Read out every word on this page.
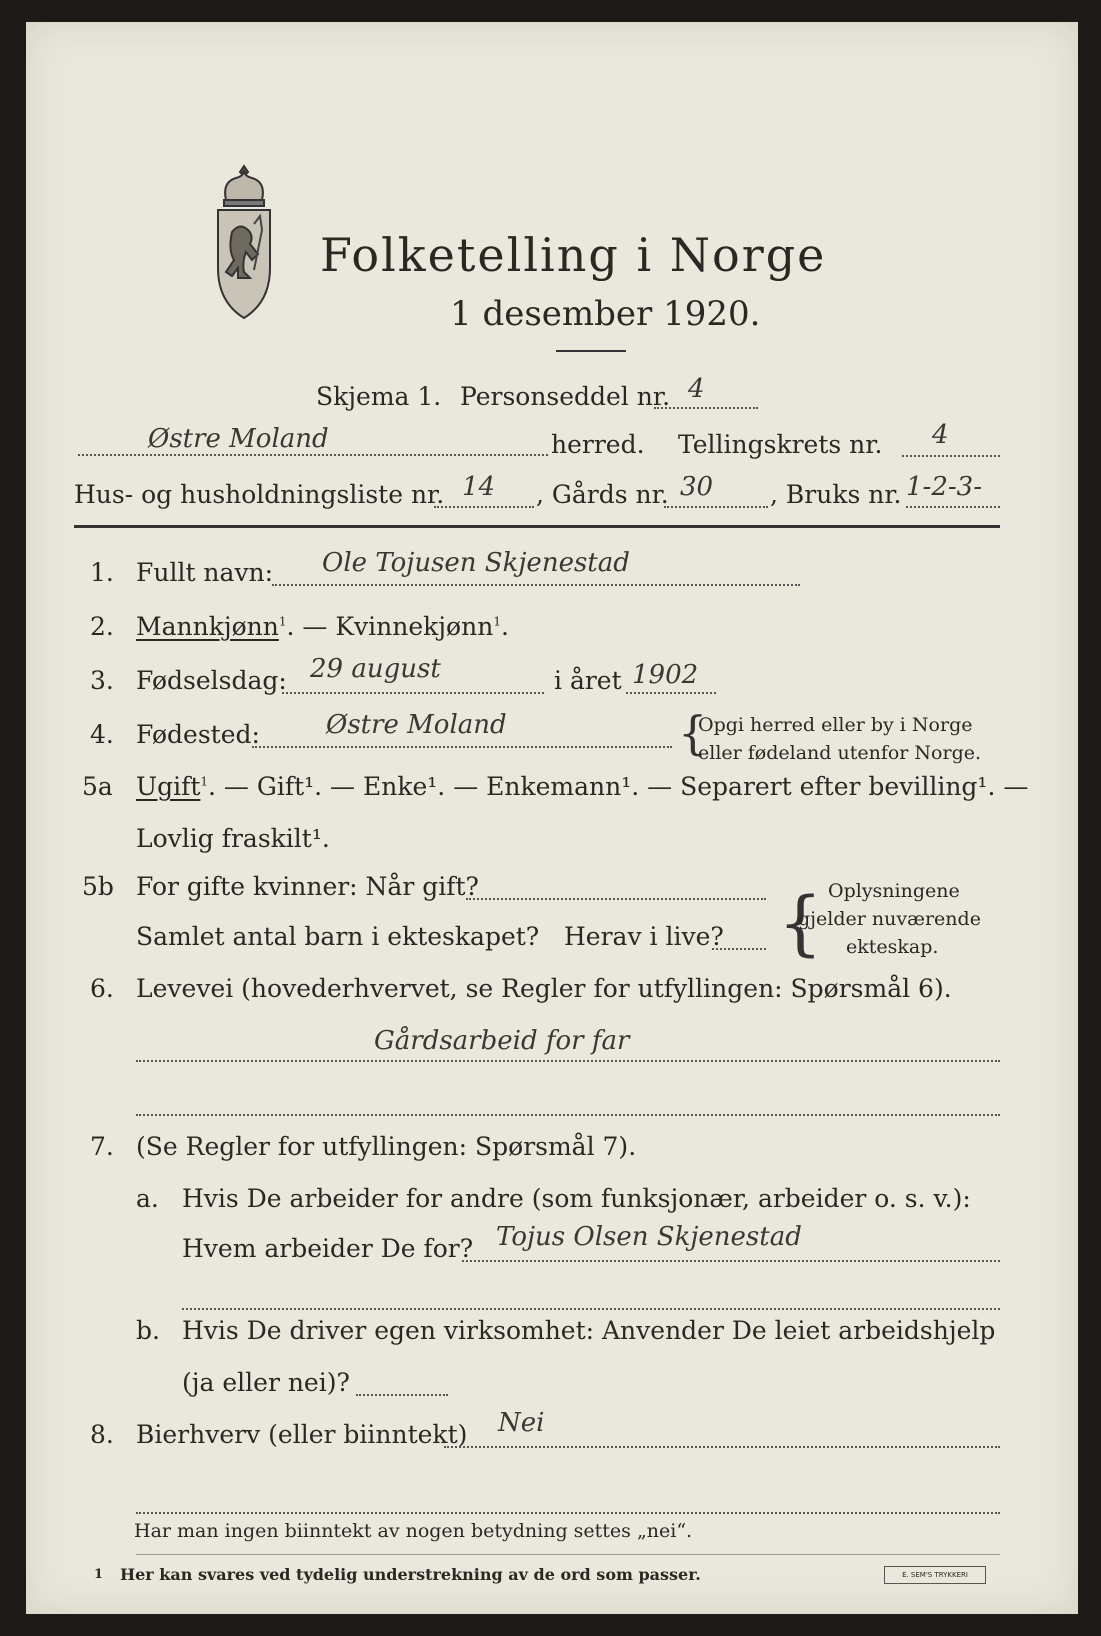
Folketelling i Norge
1 desember 1920.
Skjema 1. Personseddel nr. 4
Østre Moland	herred. Tellingskrets nr. 4
Hus- og husholdningsliste nr. 14 , Gårds nr. 30 , Bruks nr. 1-2-3-
1. Fullt navn: Ole Tojusen Skjenestad
2. Mannkjønn$^1$. — Kvinnekjønn$^1$.
3. Fødselsdag: 29 august	i året 1902
4. Fødested:	Østre Moland	{
Opgi herred eller by i Norge
eller fødeland utenfor Norge.
5a Ugift$^1$. — Gift¹. — Enke¹. — Enkemann¹. — Separert efter bevilling¹. —
Lovlig fraskilt¹.
5b For gifte kvinner: Når gift?
Samlet antal barn i ekteskapet? Herav i live? { Oplysningene
gjelder nuværende
ekteskap.
6. Levevei (hovederhvervet, se Regler for utfyllingen: Spørsmål 6).
Gårdsarbeid for far
7. (Se Regler for utfyllingen: Spørsmål 7).
a. Hvis De arbeider for andre (som funksjonær, arbeider o. s. v.):
Hvem arbeider De for? Tojus Olsen Skjenestad
b. Hvis De driver egen virksomhet: Anvender De leiet arbeidshjelp
(ja eller nei)?
8. Bierhverv (eller biinntekt) Nei
Har man ingen biinntekt av nogen betydning settes „nei“.
1 Her kan svares ved tydelig understrekning av de ord som passer.	E. SEM'S TRYKKERI
